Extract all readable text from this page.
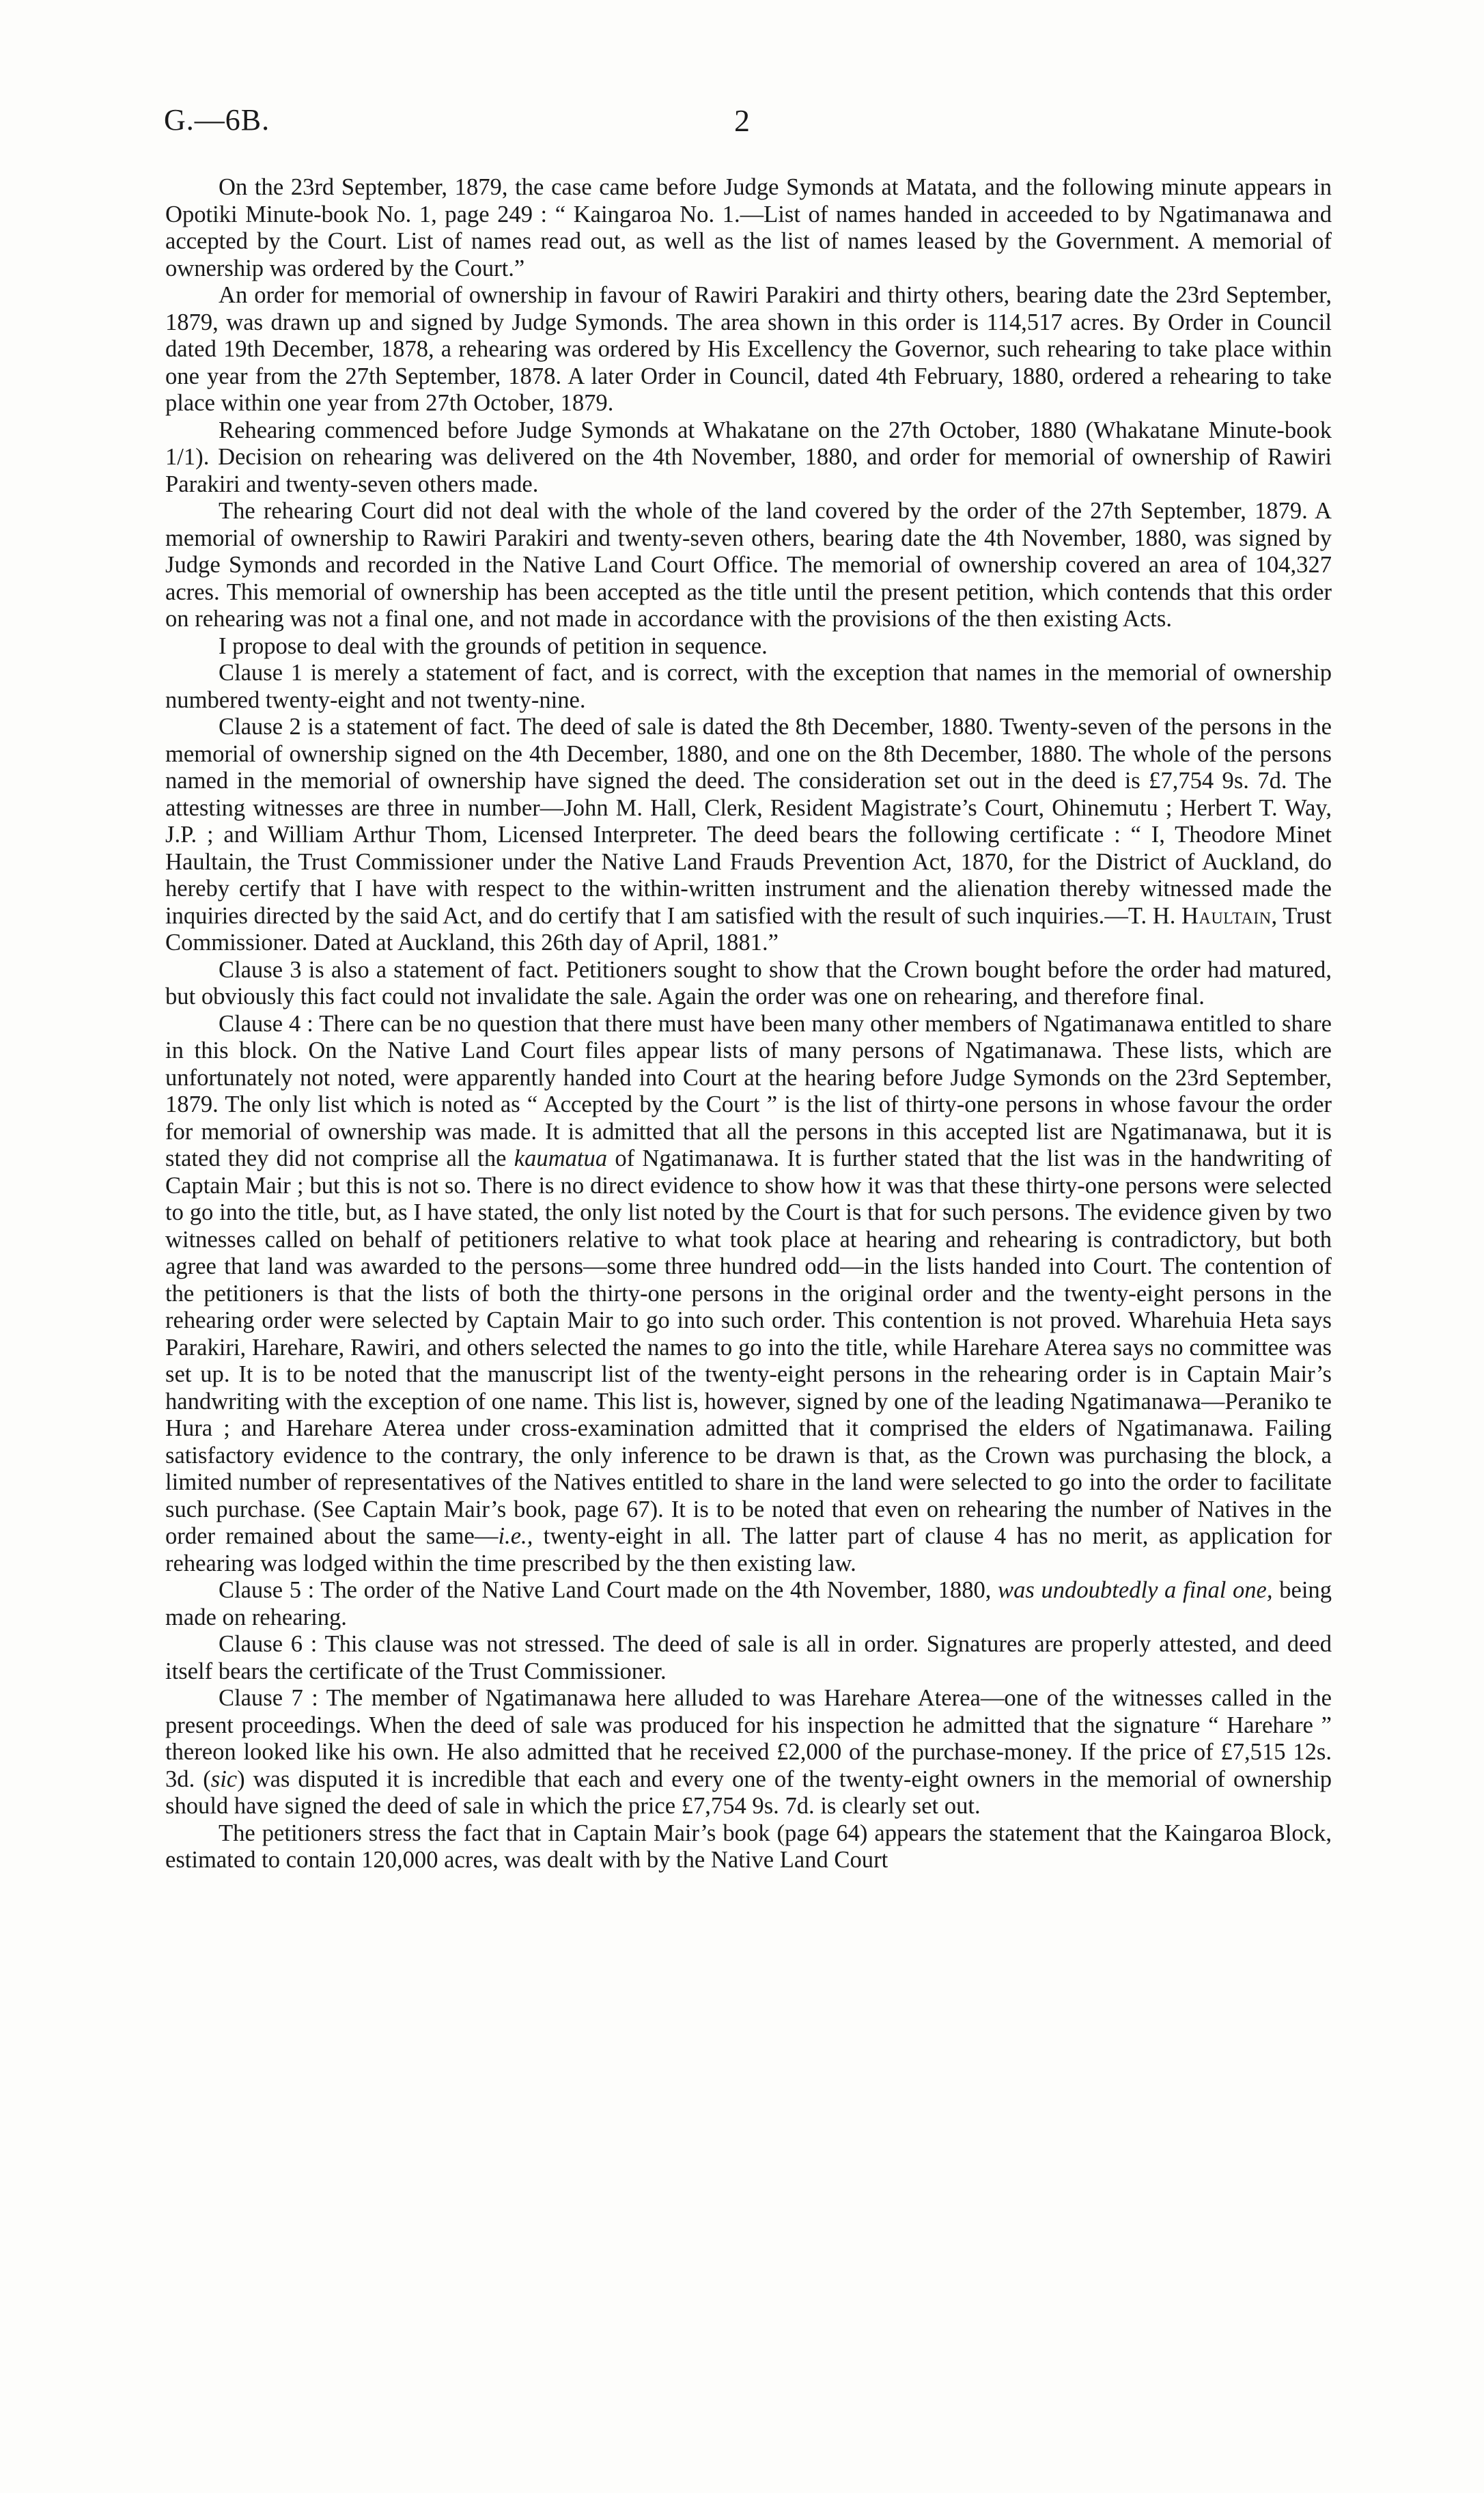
G.—6B.	2

On the 23rd September, 1879, the case came before Judge Symonds at Matata, and the following minute appears in Opotiki Minute-book No. 1, page 249 : “ Kaingaroa No. 1.—List of names handed in acceeded to by Ngatimanawa and accepted by the Court. List of names read out, as well as the list of names leased by the Government. A memorial of ownership was ordered by the Court.”

An order for memorial of ownership in favour of Rawiri Parakiri and thirty others, bearing date the 23rd September, 1879, was drawn up and signed by Judge Symonds. The area shown in this order is 114,517 acres. By Order in Council dated 19th December, 1878, a rehearing was ordered by His Excellency the Governor, such rehearing to take place within one year from the 27th September, 1878. A later Order in Council, dated 4th February, 1880, ordered a rehearing to take place within one year from 27th October, 1879.

Rehearing commenced before Judge Symonds at Whakatane on the 27th October, 1880 (Whakatane Minute-book 1/1). Decision on rehearing was delivered on the 4th November, 1880, and order for memorial of ownership of Rawiri Parakiri and twenty-seven others made.

The rehearing Court did not deal with the whole of the land covered by the order of the 27th September, 1879. A memorial of ownership to Rawiri Parakiri and twenty-seven others, bearing date the 4th November, 1880, was signed by Judge Symonds and recorded in the Native Land Court Office. The memorial of ownership covered an area of 104,327 acres. This memorial of ownership has been accepted as the title until the present petition, which contends that this order on rehearing was not a final one, and not made in accordance with the provisions of the then existing Acts.

I propose to deal with the grounds of petition in sequence.

Clause 1 is merely a statement of fact, and is correct, with the exception that names in the memorial of ownership numbered twenty-eight and not twenty-nine.

Clause 2 is a statement of fact. The deed of sale is dated the 8th December, 1880. Twenty-seven of the persons in the memorial of ownership signed on the 4th December, 1880, and one on the 8th December, 1880. The whole of the persons named in the memorial of ownership have signed the deed. The consideration set out in the deed is £7,754 9s. 7d. The attesting witnesses are three in number—John M. Hall, Clerk, Resident Magistrate’s Court, Ohinemutu ; Herbert T. Way, J.P. ; and William Arthur Thom, Licensed Interpreter. The deed bears the following certificate : “ I, Theodore Minet Haultain, the Trust Commissioner under the Native Land Frauds Prevention Act, 1870, for the District of Auckland, do hereby certify that I have with respect to the within-written instrument and the alienation thereby witnessed made the inquiries directed by the said Act, and do certify that I am satisfied with the result of such inquiries.—T. H. Haultain, Trust Commissioner. Dated at Auckland, this 26th day of April, 1881.”

Clause 3 is also a statement of fact. Petitioners sought to show that the Crown bought before the order had matured, but obviously this fact could not invalidate the sale. Again the order was one on rehearing, and therefore final.

Clause 4 : There can be no question that there must have been many other members of Ngatimanawa entitled to share in this block. On the Native Land Court files appear lists of many persons of Ngatimanawa. These lists, which are unfortunately not noted, were apparently handed into Court at the hearing before Judge Symonds on the 23rd September, 1879. The only list which is noted as “ Accepted by the Court ” is the list of thirty-one persons in whose favour the order for memorial of ownership was made. It is admitted that all the persons in this accepted list are Ngatimanawa, but it is stated they did not comprise all the kaumatua of Ngatimanawa. It is further stated that the list was in the handwriting of Captain Mair ; but this is not so. There is no direct evidence to show how it was that these thirty-one persons were selected to go into the title, but, as I have stated, the only list noted by the Court is that for such persons. The evidence given by two witnesses called on behalf of petitioners relative to what took place at hearing and rehearing is contradictory, but both agree that land was awarded to the persons—some three hundred odd—in the lists handed into Court. The contention of the petitioners is that the lists of both the thirty-one persons in the original order and the twenty-eight persons in the rehearing order were selected by Captain Mair to go into such order. This contention is not proved. Wharehuia Heta says Parakiri, Harehare, Rawiri, and others selected the names to go into the title, while Harehare Aterea says no committee was set up. It is to be noted that the manuscript list of the twenty-eight persons in the rehearing order is in Captain Mair’s handwriting with the exception of one name. This list is, however, signed by one of the leading Ngatimanawa—Peraniko te Hura ; and Harehare Aterea under cross-examination admitted that it comprised the elders of Ngatimanawa. Failing satisfactory evidence to the contrary, the only inference to be drawn is that, as the Crown was purchasing the block, a limited number of representatives of the Natives entitled to share in the land were selected to go into the order to facilitate such purchase. (See Captain Mair’s book, page 67). It is to be noted that even on rehearing the number of Natives in the order remained about the same—i.e., twenty-eight in all. The latter part of clause 4 has no merit, as application for rehearing was lodged within the time prescribed by the then existing law.

Clause 5 : The order of the Native Land Court made on the 4th November, 1880, was undoubtedly a final one, being made on rehearing.

Clause 6 : This clause was not stressed. The deed of sale is all in order. Signatures are properly attested, and deed itself bears the certificate of the Trust Commissioner.

Clause 7 : The member of Ngatimanawa here alluded to was Harehare Aterea—one of the witnesses called in the present proceedings. When the deed of sale was produced for his inspection he admitted that the signature “ Harehare ” thereon looked like his own. He also admitted that he received £2,000 of the purchase-money. If the price of £7,515 12s. 3d. (sic) was disputed it is incredible that each and every one of the twenty-eight owners in the memorial of ownership should have signed the deed of sale in which the price £7,754 9s. 7d. is clearly set out.

The petitioners stress the fact that in Captain Mair’s book (page 64) appears the statement that the Kaingaroa Block, estimated to contain 120,000 acres, was dealt with by the Native Land Court
